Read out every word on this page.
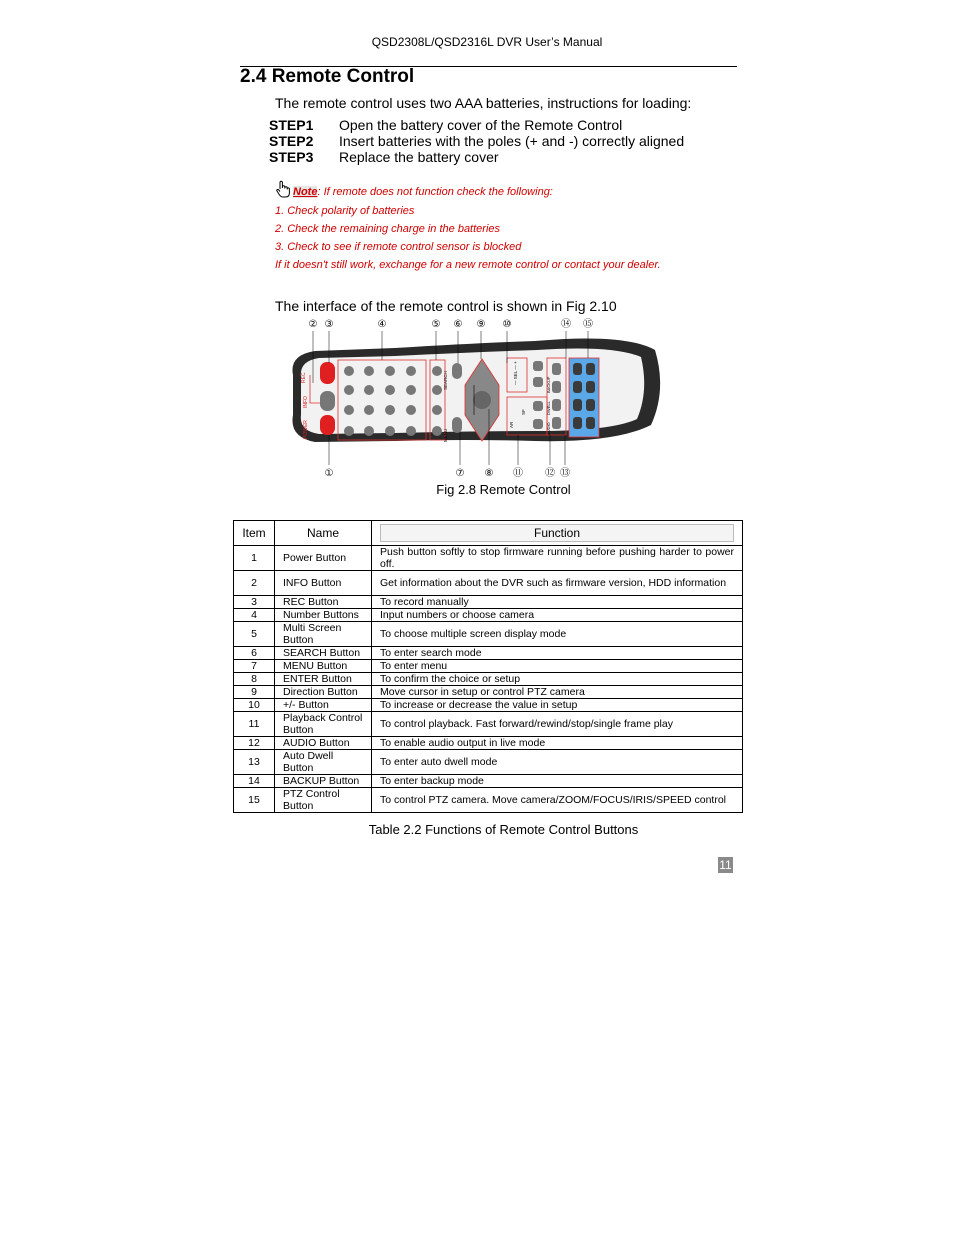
QSD2308L/QSD2316L DVR User’s Manual
2.4 Remote Control
The remote control uses two AAA batteries, instructions for loading:
STEP1 Open the battery cover of the Remote Control
STEP2 Insert batteries with the poles (+ and -) correctly aligned
STEP3 Replace the battery cover
Note: If remote does not function check the following:
1. Check polarity of batteries
2. Check the remaining charge in the batteries
3. Check to see if remote control sensor is blocked
If it doesn't still work, exchange for a new remote control or contact your dealer.
The interface of the remote control is shown in Fig 2.10
② ③	④	⑤ ⑥ ⑨ ⑩	⑭ ⑮
①	⑦ ⑧ ⑪ ⑫ ⑬
REC
INFO
POWER
SEARCH
MENU
— SEL — +
AR
SF	DWELL
AUDIO
BACKUP
Fig 2.8 Remote Control
Item	Name	Function

1	Power Button	Push button softly to stop firmware running before pushing harder to power off.
2	INFO Button	Get information about the DVR such as firmware version, HDD information
3	REC Button	To record manually
4	Number Buttons	Input numbers or choose camera
5	Multi Screen Button	To choose multiple screen display mode
6	SEARCH Button	To enter search mode
7	MENU Button	To enter menu
8	ENTER Button	To confirm the choice or setup
9	Direction Button	Move cursor in setup or control PTZ camera
10	+/- Button	To increase or decrease the value in setup
11	Playback Control Button	To control playback. Fast forward/rewind/stop/single frame play
12	AUDIO Button	To enable audio output in live mode
13	Auto Dwell Button	To enter auto dwell mode
14	BACKUP Button	To enter backup mode
15	PTZ Control Button	To control PTZ camera. Move camera/ZOOM/FOCUS/IRIS/SPEED control
Table 2.2 Functions of Remote Control Buttons
11
